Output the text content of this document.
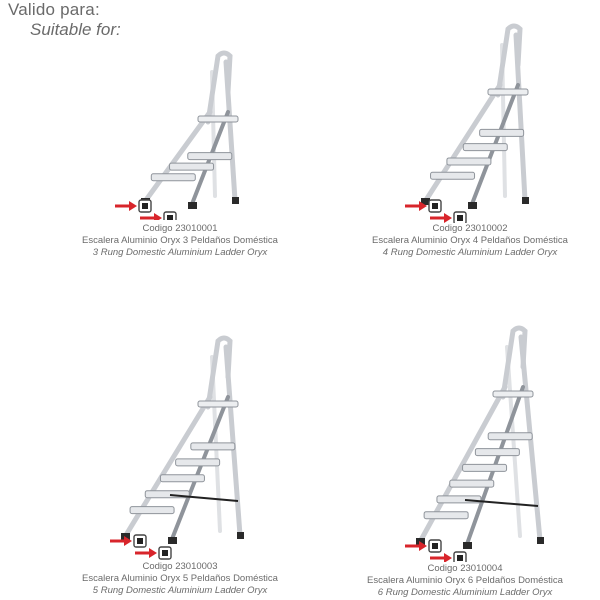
Valido para:
Suitable for:
Codigo 23010001
Escalera Aluminio Oryx 3 Peldaños Doméstica
3 Rung Domestic Aluminium Ladder Oryx
Codigo 23010002
Escalera Aluminio Oryx 4 Peldaños Doméstica
4 Rung Domestic Aluminium Ladder Oryx
Codigo 23010003
Escalera Aluminio Oryx 5 Peldaños Doméstica
5 Rung Domestic Aluminium Ladder Oryx
Codigo 23010004
Escalera Aluminio Oryx 6 Peldaños Doméstica
6 Rung Domestic Aluminium Ladder Oryx
